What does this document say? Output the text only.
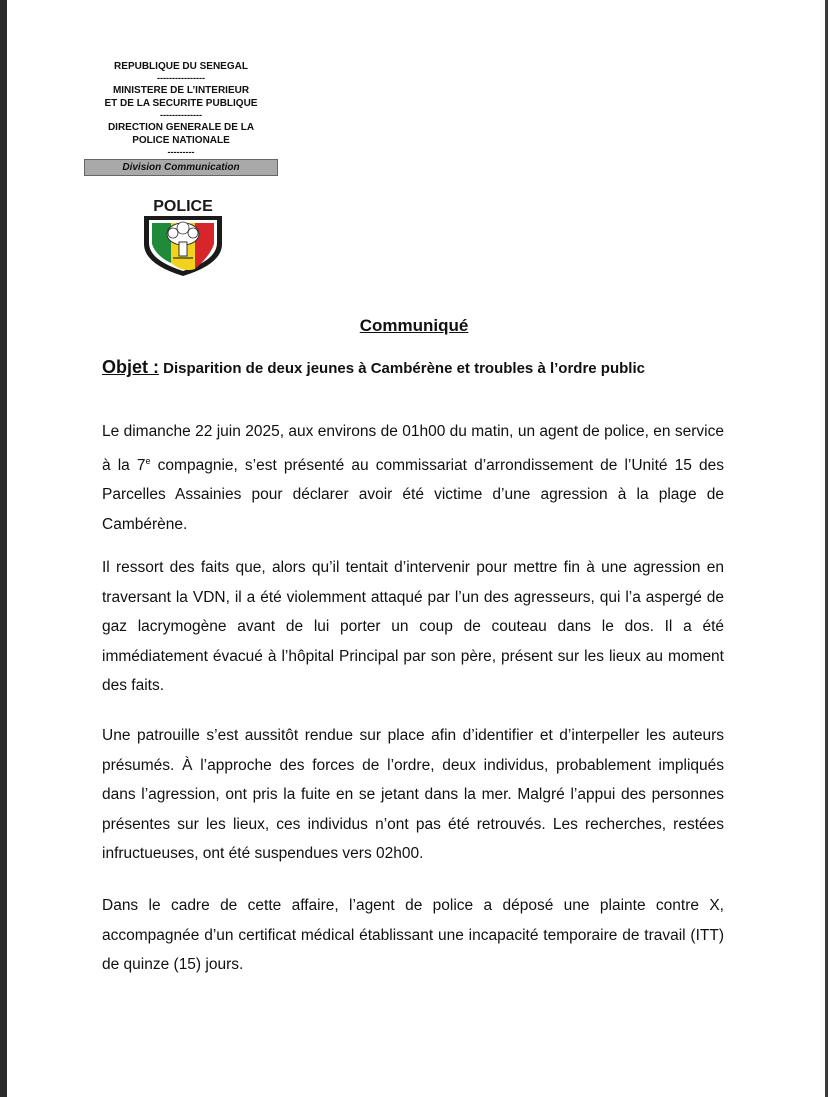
REPUBLIQUE DU SENEGAL
----------------
MINISTERE DE L’INTERIEUR
ET DE LA SECURITE PUBLIQUE
--------------
DIRECTION GENERALE DE LA
POLICE NATIONALE
---------
Division Communication
POLICE
Communiqué
Objet : Disparition de deux jeunes à Cambérène et troubles à l’ordre public

Le dimanche 22 juin 2025, aux environs de 01h00 du matin, un agent de police, en service à la 7e compagnie, s’est présenté au commissariat d’arrondissement de l’Unité 15 des Parcelles Assainies pour déclarer avoir été victime d’une agression à la plage de Cambérène.

Il ressort des faits que, alors qu’il tentait d’intervenir pour mettre fin à une agression en traversant la VDN, il a été violemment attaqué par l’un des agresseurs, qui l’a aspergé de gaz lacrymogène avant de lui porter un coup de couteau dans le dos. Il a été immédiatement évacué à l’hôpital Principal par son père, présent sur les lieux au moment des faits.

Une patrouille s’est aussitôt rendue sur place afin d’identifier et d’interpeller les auteurs présumés. À l’approche des forces de l’ordre, deux individus, probablement impliqués dans l’agression, ont pris la fuite en se jetant dans la mer. Malgré l’appui des personnes présentes sur les lieux, ces individus n’ont pas été retrouvés. Les recherches, restées infructueuses, ont été suspendues vers 02h00.

Dans le cadre de cette affaire, l’agent de police a déposé une plainte contre X, accompagnée d’un certificat médical établissant une incapacité temporaire de travail (ITT) de quinze (15) jours.
